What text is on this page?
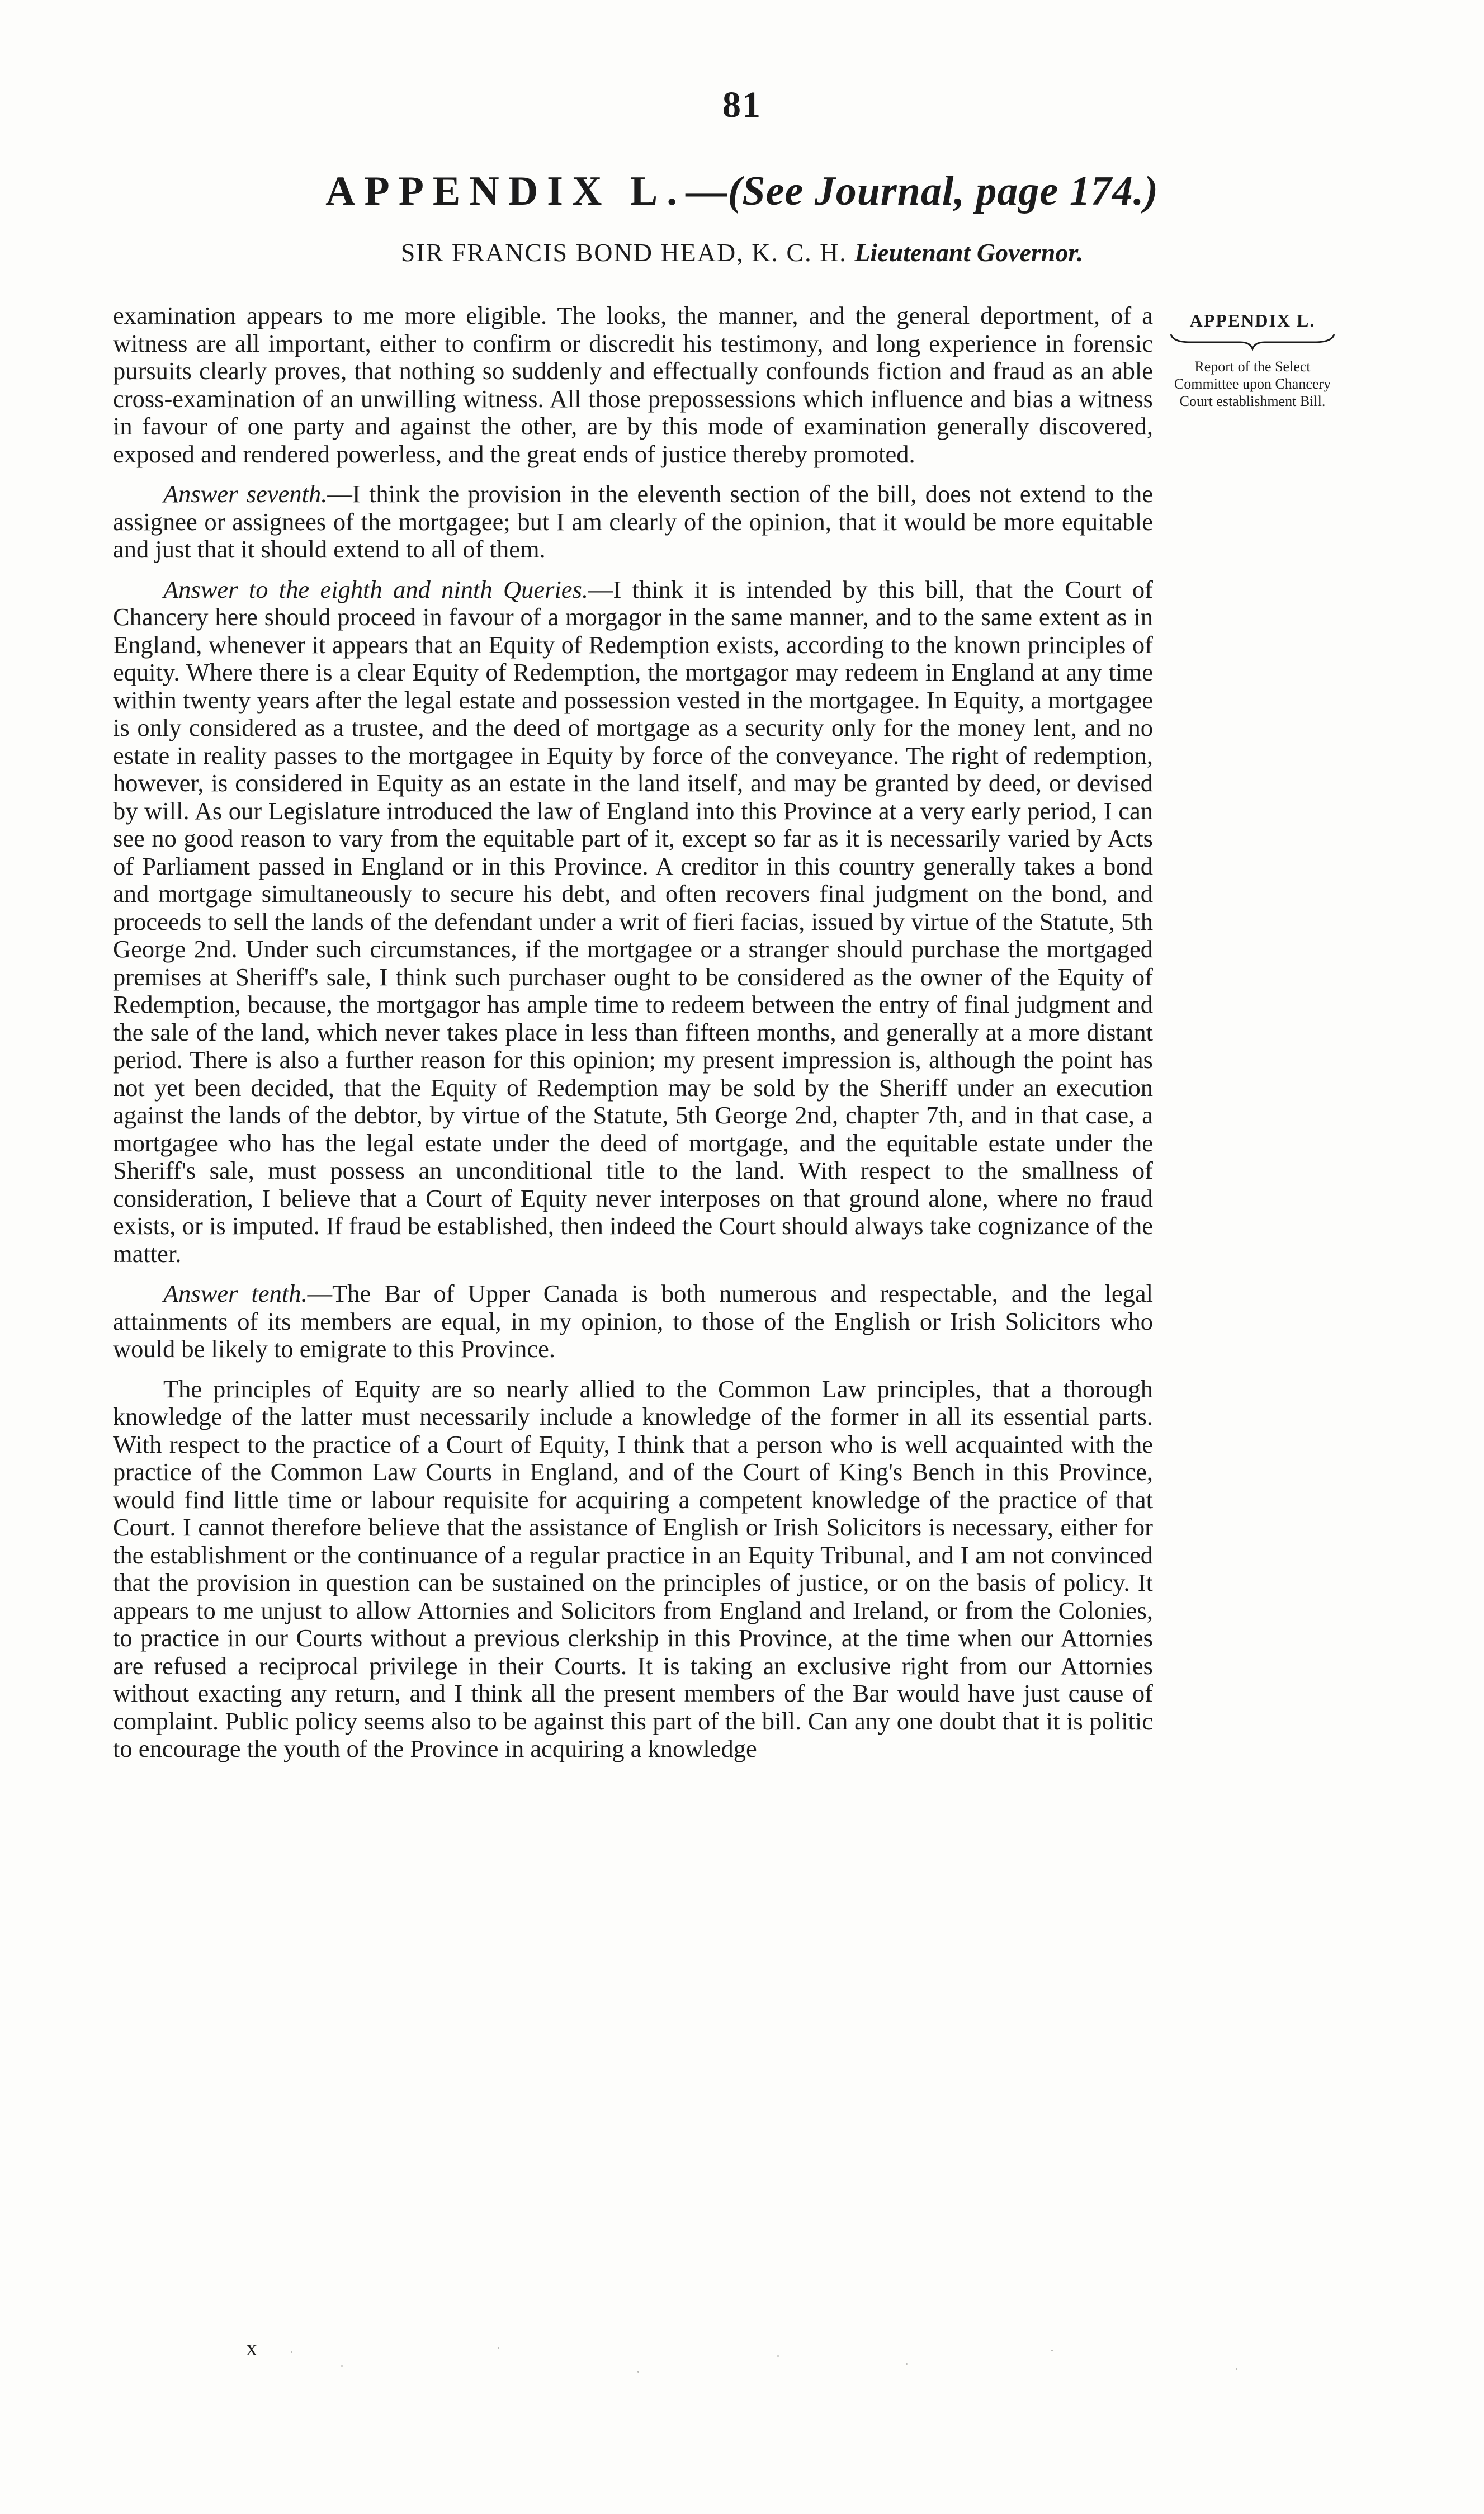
81
APPENDIX L.—(See Journal, page 174.)
SIR FRANCIS BOND HEAD, K. C. H. Lieutenant Governor.
APPENDIX L.
Report of the Select Committee upon Chancery Court establishment Bill.

examination appears to me more eligible. The looks, the manner, and the general deportment, of a witness are all important, either to confirm or discredit his testimony, and long experience in forensic pursuits clearly proves, that nothing so suddenly and effectually confounds fiction and fraud as an able cross-examination of an unwilling witness. All those prepossessions which influence and bias a witness in favour of one party and against the other, are by this mode of examination generally discovered, exposed and rendered powerless, and the great ends of justice thereby promoted.

Answer seventh.—I think the provision in the eleventh section of the bill, does not extend to the assignee or assignees of the mortgagee; but I am clearly of the opinion, that it would be more equitable and just that it should extend to all of them.

Answer to the eighth and ninth Queries.—I think it is intended by this bill, that the Court of Chancery here should proceed in favour of a morgagor in the same manner, and to the same extent as in England, whenever it appears that an Equity of Redemption exists, according to the known principles of equity. Where there is a clear Equity of Redemption, the mortgagor may redeem in England at any time within twenty years after the legal estate and possession vested in the mortgagee. In Equity, a mortgagee is only considered as a trustee, and the deed of mortgage as a security only for the money lent, and no estate in reality passes to the mortgagee in Equity by force of the conveyance. The right of redemption, however, is considered in Equity as an estate in the land itself, and may be granted by deed, or devised by will. As our Legislature introduced the law of England into this Province at a very early period, I can see no good reason to vary from the equitable part of it, except so far as it is necessarily varied by Acts of Parliament passed in England or in this Province. A creditor in this country generally takes a bond and mortgage simultaneously to secure his debt, and often recovers final judgment on the bond, and proceeds to sell the lands of the defendant under a writ of fieri facias, issued by virtue of the Statute, 5th George 2nd. Under such circumstances, if the mortgagee or a stranger should purchase the mortgaged premises at Sheriff's sale, I think such purchaser ought to be considered as the owner of the Equity of Redemption, because, the mortgagor has ample time to redeem between the entry of final judgment and the sale of the land, which never takes place in less than fifteen months, and generally at a more distant period. There is also a further reason for this opinion; my present impression is, although the point has not yet been decided, that the Equity of Redemption may be sold by the Sheriff under an execution against the lands of the debtor, by virtue of the Statute, 5th George 2nd, chapter 7th, and in that case, a mortgagee who has the legal estate under the deed of mortgage, and the equitable estate under the Sheriff's sale, must possess an unconditional title to the land. With respect to the smallness of consideration, I believe that a Court of Equity never interposes on that ground alone, where no fraud exists, or is imputed. If fraud be established, then indeed the Court should always take cognizance of the matter.

Answer tenth.—The Bar of Upper Canada is both numerous and respectable, and the legal attainments of its members are equal, in my opinion, to those of the English or Irish Solicitors who would be likely to emigrate to this Province.

The principles of Equity are so nearly allied to the Common Law principles, that a thorough knowledge of the latter must necessarily include a knowledge of the former in all its essential parts. With respect to the practice of a Court of Equity, I think that a person who is well acquainted with the practice of the Common Law Courts in England, and of the Court of King's Bench in this Province, would find little time or labour requisite for acquiring a competent knowledge of the practice of that Court. I cannot therefore believe that the assistance of English or Irish Solicitors is necessary, either for the establishment or the continuance of a regular practice in an Equity Tribunal, and I am not convinced that the provision in question can be sustained on the principles of justice, or on the basis of policy. It appears to me unjust to allow Attornies and Solicitors from England and Ireland, or from the Colonies, to practice in our Courts without a previous clerkship in this Province, at the time when our Attornies are refused a reciprocal privilege in their Courts. It is taking an exclusive right from our Attornies without exacting any return, and I think all the present members of the Bar would have just cause of complaint. Public policy seems also to be against this part of the bill. Can any one doubt that it is politic to encourage the youth of the Province in acquiring a knowledge

x
